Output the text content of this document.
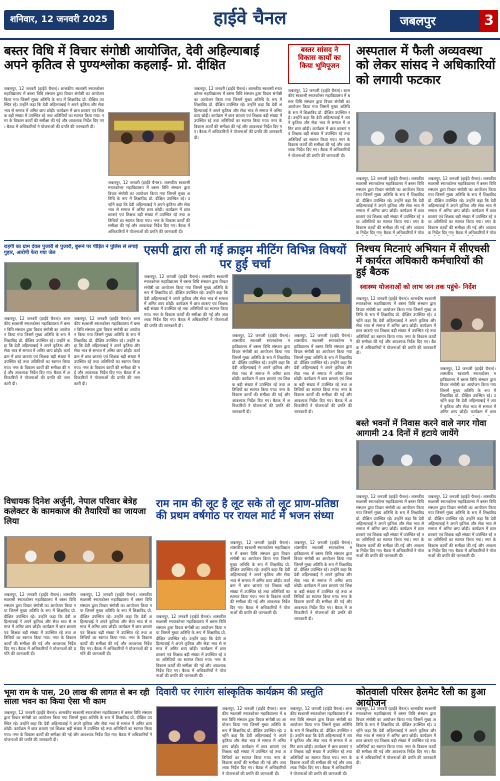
शनिवार, 12 जनवरी 2025	हाईवे चैनल	जबलपुर	3
बस्तर विधि में विचार संगोष्ठी आयोजित, देवी अहिल्याबाई अपने कृतित्व से पुण्यश्लोका कहलाईं- प्रो. दीक्षित
बस्तर सांसद ने विकास कार्यों का किया भूमिपूजन
अस्पताल में फैली अव्यवस्था को लेकर सांसद ने अधिकारियों को लगायी फटकार
जबलपुर, 12 जनवरी (हाईवे चैनल)। शासकीय स्वशासी स्नातकोत्तर महाविद्यालय में बस्तर विधि संस्थान द्वारा विचार संगोष्ठी का आयोजन किया गया जिसमें मुख्य अतिथि के रूप में शिक्षाविद प्रो. दीक्षित उपस्थित रहे। उन्होंने कहा कि देवी अहिल्याबाई ने अपने कृतित्व और सेवा भाव से समाज में अमिट छाप छोड़ी। कार्यक्रम में छात्र छात्राएं एवं शिक्षक बड़ी संख्या में उपस्थित रहे तथा अतिथियों का स्वागत किया गया। नगर के विकास कार्यों की समीक्षा की गई और आवश्यक निर्देश दिए गए। बैठक में अधिकारियों ने योजनाओं की प्रगति की जानकारी दी।
जबलपुर, 12 जनवरी (हाईवे चैनल)। शासकीय स्वशासी स्नातकोत्तर महाविद्यालय में बस्तर विधि संस्थान द्वारा विचार संगोष्ठी का आयोजन किया गया जिसमें मुख्य अतिथि के रूप में शिक्षाविद प्रो. दीक्षित उपस्थित रहे। उन्होंने कहा कि देवी अहिल्याबाई ने अपने कृतित्व और सेवा भाव से समाज में अमिट छाप छोड़ी। कार्यक्रम में छात्र छात्राएं एवं शिक्षक बड़ी संख्या में उपस्थित रहे तथा अतिथियों का स्वागत किया गया। नगर के विकास कार्यों की समीक्षा की गई और आवश्यक निर्देश दिए गए। बैठक में अधिकारियों ने योजनाओं की प्रगति की जानकारी दी।
जबलपुर, 12 जनवरी (हाईवे चैनल)। शासकीय स्वशासी स्नातकोत्तर महाविद्यालय में बस्तर विधि संस्थान द्वारा विचार संगोष्ठी का आयोजन किया गया जिसमें मुख्य अतिथि के रूप में शिक्षाविद प्रो. दीक्षित उपस्थित रहे। उन्होंने कहा कि देवी अहिल्याबाई ने अपने कृतित्व और सेवा भाव से समाज में अमिट छाप छोड़ी। कार्यक्रम में छात्र छात्राएं एवं शिक्षक बड़ी संख्या में उपस्थित रहे तथा अतिथियों का स्वागत किया गया। नगर के विकास कार्यों की समीक्षा की गई और आवश्यक निर्देश दिए गए। बैठक में अधिकारियों ने योजनाओं की प्रगति की जानकारी दी।
जबलपुर, 12 जनवरी (हाईवे चैनल)। शासकीय स्वशासी स्नातकोत्तर महाविद्यालय में बस्तर विधि संस्थान द्वारा विचार संगोष्ठी का आयोजन किया गया जिसमें मुख्य अतिथि के रूप में शिक्षाविद प्रो. दीक्षित उपस्थित रहे। उन्होंने कहा कि देवी अहिल्याबाई ने अपने कृतित्व और सेवा भाव से समाज में अमिट छाप छोड़ी। कार्यक्रम में छात्र छात्राएं एवं शिक्षक बड़ी संख्या में उपस्थित रहे तथा अतिथियों का स्वागत किया गया। नगर के विकास कार्यों की समीक्षा की गई और आवश्यक निर्देश दिए गए। बैठक में अधिकारियों ने योजनाओं की प्रगति की जानकारी दी।
जबलपुर, 12 जनवरी (हाईवे चैनल)। शासकीय स्वशासी स्नातकोत्तर महाविद्यालय में बस्तर विधि संस्थान द्वारा विचार संगोष्ठी का आयोजन किया गया जिसमें मुख्य अतिथि के रूप में शिक्षाविद प्रो. दीक्षित उपस्थित रहे। उन्होंने कहा कि देवी अहिल्याबाई ने अपने कृतित्व और सेवा भाव से समाज में अमिट छाप छोड़ी। कार्यक्रम में छात्र छात्राएं एवं शिक्षक बड़ी संख्या में उपस्थित रहे तथा अतिथियों का स्वागत किया गया। नगर के विकास कार्यों की समीक्षा की गई और आवश्यक निर्देश दिए गए। बैठक में अधिकारियों ने योज
जबलपुर, 12 जनवरी (हाईवे चैनल)। शासकीय स्वशासी स्नातकोत्तर महाविद्यालय में बस्तर विधि संस्थान द्वारा विचार संगोष्ठी का आयोजन किया गया जिसमें मुख्य अतिथि के रूप में शिक्षाविद प्रो. दीक्षित उपस्थित रहे। उन्होंने कहा कि देवी अहिल्याबाई ने अपने कृतित्व और सेवा भाव से समाज में अमिट छाप छोड़ी। कार्यक्रम में छात्र छात्राएं एवं शिक्षक बड़ी संख्या में उपस्थित रहे तथा अतिथियों का स्वागत किया गया। नगर के विकास कार्यों की समीक्षा की गई और आवश्यक निर्देश दिए गए। बैठक में अधिकारियों ने योज
राहगी का ग्राम देवल पुजारी से पुजारी, बुरूने पर पीड़ित ने पुलिस से लगाई गुहार, आरोपी फेरा गया जेल	एसपी द्वारा ली गई क्राइम मीटिंग विभिन्न विषयों पर हुई चर्चा
निश्चय मिटनाएं अभियान में सीएचसी में कार्यरत अधिकारी कर्मचारियों की हुई बैठक
स्वास्थ्य योजनाओं को लाभ जन तक पहुंचे- निर्देश
जबलपुर, 12 जनवरी (हाईवे चैनल)। शासकीय स्वशासी स्नातकोत्तर महाविद्यालय में बस्तर विधि संस्थान द्वारा विचार संगोष्ठी का आयोजन किया गया जिसमें मुख्य अतिथि के रूप में शिक्षाविद प्रो. दीक्षित उपस्थित रहे। उन्होंने कहा कि देवी अहिल्याबाई ने अपने कृतित्व और सेवा भाव से समाज में अमिट छाप छोड़ी। कार्यक्रम में छात्र छात्राएं एवं शिक्षक बड़ी संख्या में उपस्थित रहे तथा अतिथियों का स्वागत किया गया। नगर के विकास कार्यों की समीक्षा की गई और आवश्यक निर्देश दिए गए। बैठक में अधिकारियों ने योजनाओं की प्रगति की जानकारी दी।
जबलपुर, 12 जनवरी (हाईवे चैनल)। शासकीय स्वशासी स्नातकोत्तर महाविद्यालय में बस्तर विधि संस्थान द्वारा विचार संगोष्ठी का आयोजन किया गया जिसमें मुख्य अतिथि के रूप में शिक्षाविद प्रो. दीक्षित उपस्थित रहे। उन्होंने कहा कि देवी अहिल्याबाई ने अपने कृतित्व और सेवा भाव से समाज में अमिट छाप छोड़ी। कार्यक्रम में छात्र छात्राएं एवं शिक्षक बड़ी संख्या में उपस्थित रहे तथा अतिथियों का स्वागत किया गया। नगर के विकास कार्यों की समीक्षा की गई और आवश्यक निर्देश दिए गए। बैठक में अधिकारियों ने योजनाओं की प्रगति की जानकारी दी।
जबलपुर, 12 जनवरी (हाईवे चैनल)। शासकीय स्वशासी स्नातकोत्तर महाविद्यालय में बस्तर विधि संस्थान द्वारा विचार संगोष्ठी का आयोजन किया गया जिसमें मुख्य अतिथि के रूप में शिक्षाविद प्रो. दीक्षित उपस्थित रहे। उन्होंने कहा कि देवी अहिल्याबाई ने अपने कृतित्व और सेवा भाव से समाज में अमिट छाप छोड़ी। कार्यक्रम में छात्र छात्राएं एवं शिक्षक बड़ी संख्या में उपस्थित रहे तथा अतिथियों का स्वागत किया गया। नगर के विकास कार्यों की समीक्षा की गई और आवश्यक निर्देश दिए गए। बैठक में अधिकारियों ने योजनाओं की प्रगति की जानकारी दी।
जबलपुर, 12 जनवरी (हाईवे चैनल)। शासकीय स्वशासी स्नातकोत्तर महाविद्यालय में बस्तर विधि संस्थान द्वारा विचार संगोष्ठी का आयोजन किया गया जिसमें मुख्य अतिथि के रूप में शिक्षाविद प्रो. दीक्षित उपस्थित रहे। उन्होंने कहा कि देवी अहिल्याबाई ने अपने कृतित्व और सेवा भाव से समाज में अमिट छाप छोड़ी। कार्यक्रम में छात्र छात्राएं एवं शिक्षक बड़ी संख्या में उपस्थित रहे तथा अतिथियों का स्वागत किया गया। नगर के विकास कार्यों की समीक्षा की गई और आवश्यक निर्देश दिए गए। बैठक में अधिकारियों ने योजनाओं की प्रगति की जानकारी दी।
जबलपुर, 12 जनवरी (हाईवे चैनल)। शासकीय स्वशासी स्नातकोत्तर महाविद्यालय में बस्तर विधि संस्थान द्वारा विचार संगोष्ठी का आयोजन किया गया जिसमें मुख्य अतिथि के रूप में शिक्षाविद प्रो. दीक्षित उपस्थित रहे। उन्होंने कहा कि देवी अहिल्याबाई ने अपने कृतित्व और सेवा भाव से समाज में अमिट छाप छोड़ी। कार्यक्रम में छात्र छात्राएं एवं शिक्षक बड़ी संख्या में उपस्थित रहे तथा अतिथियों का स्वागत किया गया। नगर के विकास कार्यों की समीक्षा की गई और आवश्यक निर्देश दिए गए। बैठक में अधिकारियों ने योजनाओं की प्रगति की जानकारी दी।
जबलपुर, 12 जनवरी (हाईवे चैनल)। शासकीय स्वशासी स्नातकोत्तर महाविद्यालय में बस्तर विधि संस्थान द्वारा विचार संगोष्ठी का आयोजन किया गया जिसमें मुख्य अतिथि के रूप में शिक्षाविद प्रो. दीक्षित उपस्थित रहे। उन्होंने कहा कि देवी अहिल्याबाई ने अपने कृतित्व और सेवा भाव से समाज में अमिट छाप छोड़ी। कार्यक्रम में छात्र छात्राएं एवं शिक्षक बड़ी संख्या में उपस्थित रहे तथा अतिथियों का स्वागत किया गया। नगर के विकास कार्यों की समीक्षा की गई और आवश्यक निर्देश दिए गए। बैठक में अधिकारियों ने योजनाओं की प्रगति की जानकारी दी।
जबलपुर, 12 जनवरी (हाईवे चैनल)। शासकीय स्वशासी स्नातकोत्तर महाविद्यालय में बस्तर विधि संस्थान द्वारा विचार संगोष्ठी का आयोजन किया गया जिसमें मुख्य अतिथि के रूप में शिक्षाविद प्रो. दीक्षित उपस्थित रहे। उन्होंने कहा कि देवी अहिल्याबाई ने अपने कृतित्व और सेवा भाव से समाज में अमिट छाप छोड़ी। कार्यक्रम में छात्र
बस्ते भवनों में निवास करने वाले नगर गोवा आगामी 24 दिनों में हटाये जायेंगे
विधायक दिनेश अर्जुनी, नेपाल परिवार बेत्रेह कलेक्टर के कामकाज की तैयारियों का जायजा लिया
राम नाम की लूट है लूट सके तो लूट प्राण-प्रतिष्ठा की प्रथम वर्षगांठ पर रायल मार्ट में भजन संध्या
जबलपुर, 12 जनवरी (हाईवे चैनल)। शासकीय स्वशासी स्नातकोत्तर महाविद्यालय में बस्तर विधि संस्थान द्वारा विचार संगोष्ठी का आयोजन किया गया जिसमें मुख्य अतिथि के रूप में शिक्षाविद प्रो. दीक्षित उपस्थित रहे। उन्होंने कहा कि देवी अहिल्याबाई ने अपने कृतित्व और सेवा भाव से समाज में अमिट छाप छोड़ी। कार्यक्रम में छात्र छात्राएं एवं शिक्षक बड़ी संख्या में उपस्थित रहे तथा अतिथियों का स्वागत किया गया। नगर के विकास कार्यों की समीक्षा की गई और आवश्यक निर्देश दिए गए। बैठक में अधिकारियों ने योजनाओं की प्रगति की जानकारी दी।
जबलपुर, 12 जनवरी (हाईवे चैनल)। शासकीय स्वशासी स्नातकोत्तर महाविद्यालय में बस्तर विधि संस्थान द्वारा विचार संगोष्ठी का आयोजन किया गया जिसमें मुख्य अतिथि के रूप में शिक्षाविद प्रो. दीक्षित उपस्थित रहे। उन्होंने कहा कि देवी अहिल्याबाई ने अपने कृतित्व और सेवा भाव से समाज में अमिट छाप छोड़ी। कार्यक्रम में छात्र छात्राएं एवं शिक्षक बड़ी संख्या में उपस्थित रहे तथा अतिथियों का स्वागत किया गया। नगर के विकास कार्यों की समीक्षा की गई और आवश्यक निर्देश दिए गए। बैठक में अधिकारियों ने योजनाओं की प्रगति की जानकारी दी।
जबलपुर, 12 जनवरी (हाईवे चैनल)। शासकीय स्वशासी स्नातकोत्तर महाविद्यालय में बस्तर विधि संस्थान द्वारा विचार संगोष्ठी का आयोजन किया गया जिसमें मुख्य अतिथि के रूप में शिक्षाविद प्रो. दीक्षित उपस्थित रहे। उन्होंने कहा कि देवी अहिल्याबाई ने अपने कृतित्व और सेवा भाव से समाज में अमिट छाप छोड़ी। कार्यक्रम में छात्र छात्राएं एवं शिक्षक बड़ी संख्या में उपस्थित रहे तथा अतिथियों का स्वागत किया गया। नगर के विकास कार्यों की समीक्षा की गई और आवश्यक निर्देश दिए गए। बैठक में अधिकारियों ने योजनाओं की प्रगति की जानकारी दी।
जबलपुर, 12 जनवरी (हाईवे चैनल)। शासकीय स्वशासी स्नातकोत्तर महाविद्यालय में बस्तर विधि संस्थान द्वारा विचार संगोष्ठी का आयोजन किया गया जिसमें मुख्य अतिथि के रूप में शिक्षाविद प्रो. दीक्षित उपस्थित रहे। उन्होंने कहा कि देवी अहिल्याबाई ने अपने कृतित्व और सेवा भाव से समाज में अमिट छाप छोड़ी। कार्यक्रम में छात्र छात्राएं एवं शिक्षक बड़ी संख्या में उपस्थित रहे तथा अतिथियों का स्वागत किया गया। नगर के विकास कार्यों की समीक्षा की गई और आवश्यक निर्देश दिए गए। बैठक में अधिकारियों ने योजनाओं की प्रगति की जानकारी दी।
जबलपुर, 12 जनवरी (हाईवे चैनल)। शासकीय स्वशासी स्नातकोत्तर महाविद्यालय में बस्तर विधि संस्थान द्वारा विचार संगोष्ठी का आयोजन किया गया जिसमें मुख्य अतिथि के रूप में शिक्षाविद प्रो. दीक्षित उपस्थित रहे। उन्होंने कहा कि देवी अहिल्याबाई ने अपने कृतित्व और सेवा भाव से समाज में अमिट छाप छोड़ी। कार्यक्रम में छात्र छात्राएं एवं शिक्षक बड़ी संख्या में उपस्थित रहे तथा अतिथियों का स्वागत किया गया। नगर के विकास कार्यों की समीक्षा की गई और आवश्यक निर्देश दिए गए। बैठक में अधिकारियों ने योजनाओं की प्रगति की जानकारी दी।
जबलपुर, 12 जनवरी (हाईवे चैनल)। शासकीय स्वशासी स्नातकोत्तर महाविद्यालय में बस्तर विधि संस्थान द्वारा विचार संगोष्ठी का आयोजन किया गया जिसमें मुख्य अतिथि के रूप में शिक्षाविद प्रो. दीक्षित उपस्थित रहे। उन्होंने कहा कि देवी अहिल्याबाई ने अपने कृतित्व और सेवा भाव से समाज में अमिट छाप छोड़ी। कार्यक्रम में छात्र छात्राएं एवं शिक्षक बड़ी संख्या में उपस्थित रहे तथा अतिथियों का स्वागत किया गया। नगर के विकास कार्यों की समीक्षा की गई और आवश्यक निर्देश दिए गए। बैठक में अधिकारियों ने योजनाओं की प्रगति की जानकारी दी।
जबलपुर, 12 जनवरी (हाईवे चैनल)। शासकीय स्वशासी स्नातकोत्तर महाविद्यालय में बस्तर विधि संस्थान द्वारा विचार संगोष्ठी का आयोजन किया गया जिसमें मुख्य अतिथि के रूप में शिक्षाविद प्रो. दीक्षित उपस्थित रहे। उन्होंने कहा कि देवी अहिल्याबाई ने अपने कृतित्व और सेवा भाव से समाज में अमिट छाप छोड़ी। कार्यक्रम में छात्र छात्राएं एवं शिक्षक बड़ी संख्या में उपस्थित रहे तथा अतिथियों का स्वागत किया गया। नगर के विकास कार्यों की समीक्षा की गई और आवश्यक निर्देश दिए गए। बैठक में अधिकारियों ने योजनाओं की प्रगति की जानकारी दी।
भूमा राम के पास, 20 लाख की लागत से बन रही साला भवन का किया ऐसा भी काम
दिवारी पर रंगारंग सांस्कृतिक कार्यक्रम की प्रस्तुति	कोतवाली परिसर हेलमेट रैली का हुआ आयोजन
जबलपुर, 12 जनवरी (हाईवे चैनल)। शासकीय स्वशासी स्नातकोत्तर महाविद्यालय में बस्तर विधि संस्थान द्वारा विचार संगोष्ठी का आयोजन किया गया जिसमें मुख्य अतिथि के रूप में शिक्षाविद प्रो. दीक्षित उपस्थित रहे। उन्होंने कहा कि देवी अहिल्याबाई ने अपने कृतित्व और सेवा भाव से समाज में अमिट छाप छोड़ी। कार्यक्रम में छात्र छात्राएं एवं शिक्षक बड़ी संख्या में उपस्थित रहे तथा अतिथियों का स्वागत किया गया। नगर के विकास कार्यों की समीक्षा की गई और आवश्यक निर्देश दिए गए। बैठक में अधिकारियों ने योजनाओं की प्रगति की जानकारी दी।
जबलपुर, 12 जनवरी (हाईवे चैनल)। शासकीय स्वशासी स्नातकोत्तर महाविद्यालय में बस्तर विधि संस्थान द्वारा विचार संगोष्ठी का आयोजन किया गया जिसमें मुख्य अतिथि के रूप में शिक्षाविद प्रो. दीक्षित उपस्थित रहे। उन्होंने कहा कि देवी अहिल्याबाई ने अपने कृतित्व और सेवा भाव से समाज में अमिट छाप छोड़ी। कार्यक्रम में छात्र छात्राएं एवं शिक्षक बड़ी संख्या में उपस्थित रहे तथा अतिथियों का स्वागत किया गया। नगर के विकास कार्यों की समीक्षा की गई और आवश्यक निर्देश दिए गए। बैठक में अधिकारियों ने योजनाओं की प्रगति की जानकारी दी।
जबलपुर, 12 जनवरी (हाईवे चैनल)। शासकीय स्वशासी स्नातकोत्तर महाविद्यालय में बस्तर विधि संस्थान द्वारा विचार संगोष्ठी का आयोजन किया गया जिसमें मुख्य अतिथि के रूप में शिक्षाविद प्रो. दीक्षित उपस्थित रहे। उन्होंने कहा कि देवी अहिल्याबाई ने अपने कृतित्व और सेवा भाव से समाज में अमिट छाप छोड़ी। कार्यक्रम में छात्र छात्राएं एवं शिक्षक बड़ी संख्या में उपस्थित रहे तथा अतिथियों का स्वागत किया गया। नगर के विकास कार्यों की समीक्षा की गई और आवश्यक निर्देश दिए गए। बैठक में अधिकारियों ने योजनाओं की प्रगति की जानकारी दी।
जबलपुर, 12 जनवरी (हाईवे चैनल)। शासकीय स्वशासी स्नातकोत्तर महाविद्यालय में बस्तर विधि संस्थान द्वारा विचार संगोष्ठी का आयोजन किया गया जिसमें मुख्य अतिथि के रूप में शिक्षाविद प्रो. दीक्षित उपस्थित रहे। उन्होंने कहा कि देवी अहिल्याबाई ने अपने कृतित्व और सेवा भाव से समाज में अमिट छाप छोड़ी। कार्यक्रम में छात्र छात्राएं एवं शिक्षक बड़ी संख्या में उपस्थित रहे तथा अतिथियों का स्वागत किया गया। नगर के विकास कार्यों की समीक्षा की गई और आवश्यक निर्देश दिए गए। बैठक में अधिकारियों ने योजनाओं की प्रगति की जानकारी दी।
